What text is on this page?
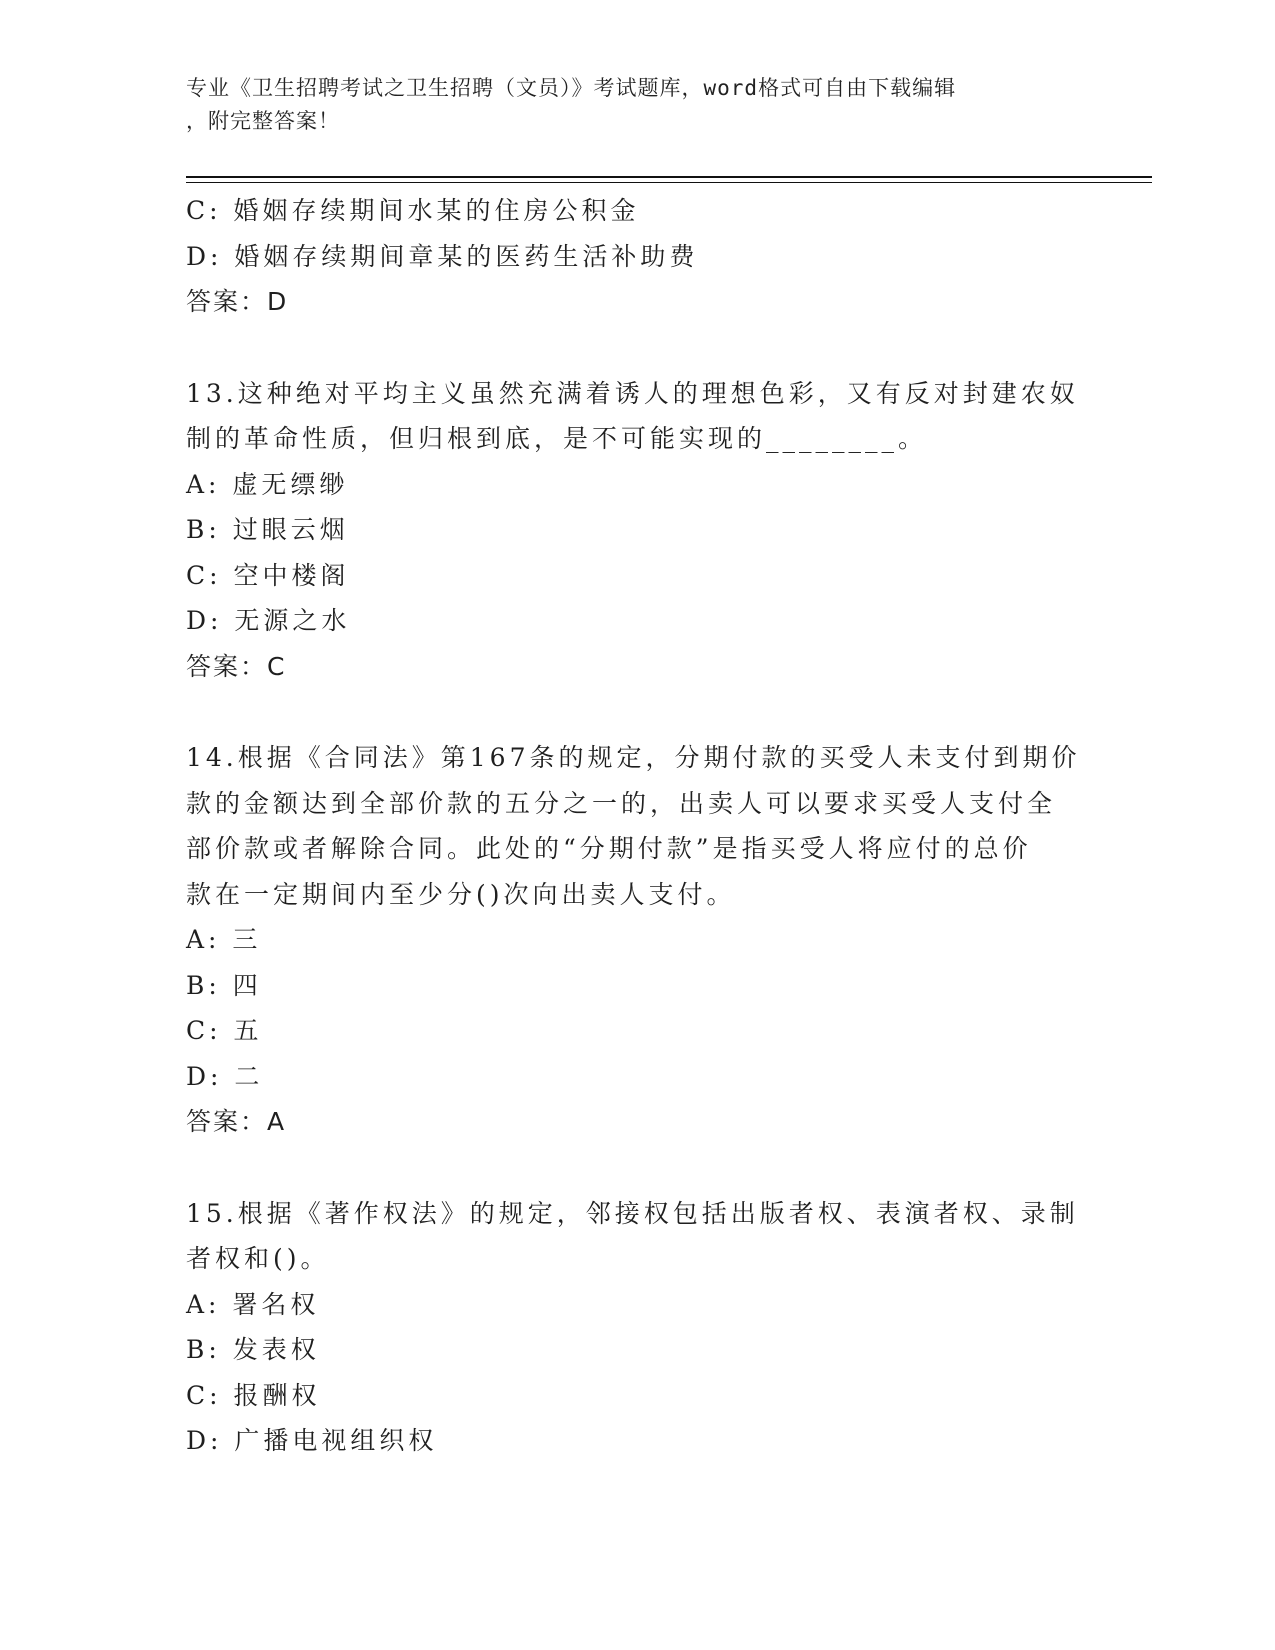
专业《卫生招聘考试之卫生招聘（文员）》考试题库，word格式可自由下载编辑
，附完整答案！
C: 婚姻存续期间水某的住房公积金
D: 婚姻存续期间章某的医药生活补助费
答案：D
13.这种绝对平均主义虽然充满着诱人的理想色彩，又有反对封建农奴
制的革命性质，但归根到底，是不可能实现的________。
A: 虚无缥缈
B: 过眼云烟
C: 空中楼阁
D: 无源之水
答案：C
14.根据《合同法》第167条的规定，分期付款的买受人未支付到期价
款的金额达到全部价款的五分之一的，出卖人可以要求买受人支付全
部价款或者解除合同。此处的“分期付款”是指买受人将应付的总价
款在一定期间内至少分()次向出卖人支付。
A: 三
B: 四
C: 五
D: 二
答案：A
15.根据《著作权法》的规定，邻接权包括出版者权、表演者权、录制
者权和()。
A: 署名权
B: 发表权
C: 报酬权
D: 广播电视组织权
